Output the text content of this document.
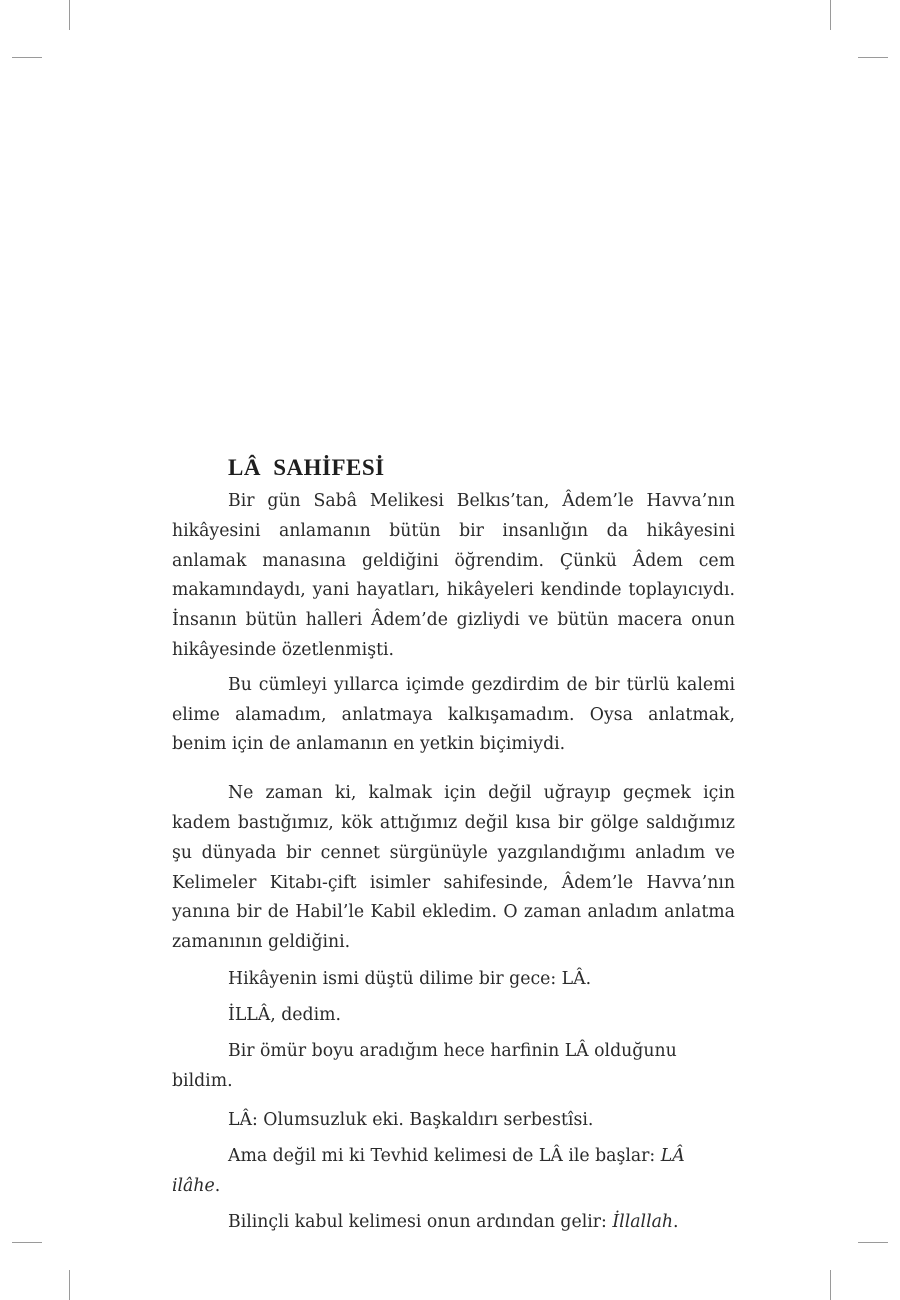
LÂ SAHİFESİ

Bir gün Sabâ Melikesi Belkıs’tan, Âdem’le Havva’nın hikâyesini anlamanın bütün bir insanlığın da hikâyesini anlamak manasına geldiğini öğrendim. Çünkü Âdem cem makamındaydı, yani hayatları, hikâyeleri kendinde toplayıcıydı. İnsanın bütün halleri Âdem’de gizliydi ve bütün macera onun hikâyesinde özetlenmişti.

Bu cümleyi yıllarca içimde gezdirdim de bir türlü kalemi elime alamadım, anlatmaya kalkışamadım. Oysa anlatmak, benim için de anlamanın en yetkin biçimiydi.

Ne zaman ki, kalmak için değil uğrayıp geçmek için kadem bastığımız, kök attığımız değil kısa bir gölge saldığımız şu dünyada bir cennet sürgünüyle yazgılandığımı anladım ve Kelimeler Kitabı-çift isimler sahifesinde, Âdem’le Havva’nın yanına bir de Habil’le Kabil ekledim. O zaman anladım anlatma zamanının geldiğini.

Hikâyenin ismi düştü dilime bir gece: LÂ.

İLLÂ, dedim.

Bir ömür boyu aradığım hece harfinin LÂ olduğunu bildim.

LÂ: Olumsuzluk eki. Başkaldırı serbestîsi.

Ama değil mi ki Tevhid kelimesi de LÂ ile başlar: LÂ ilâhe.

Bilinçli kabul kelimesi onun ardından gelir: İllallah.
